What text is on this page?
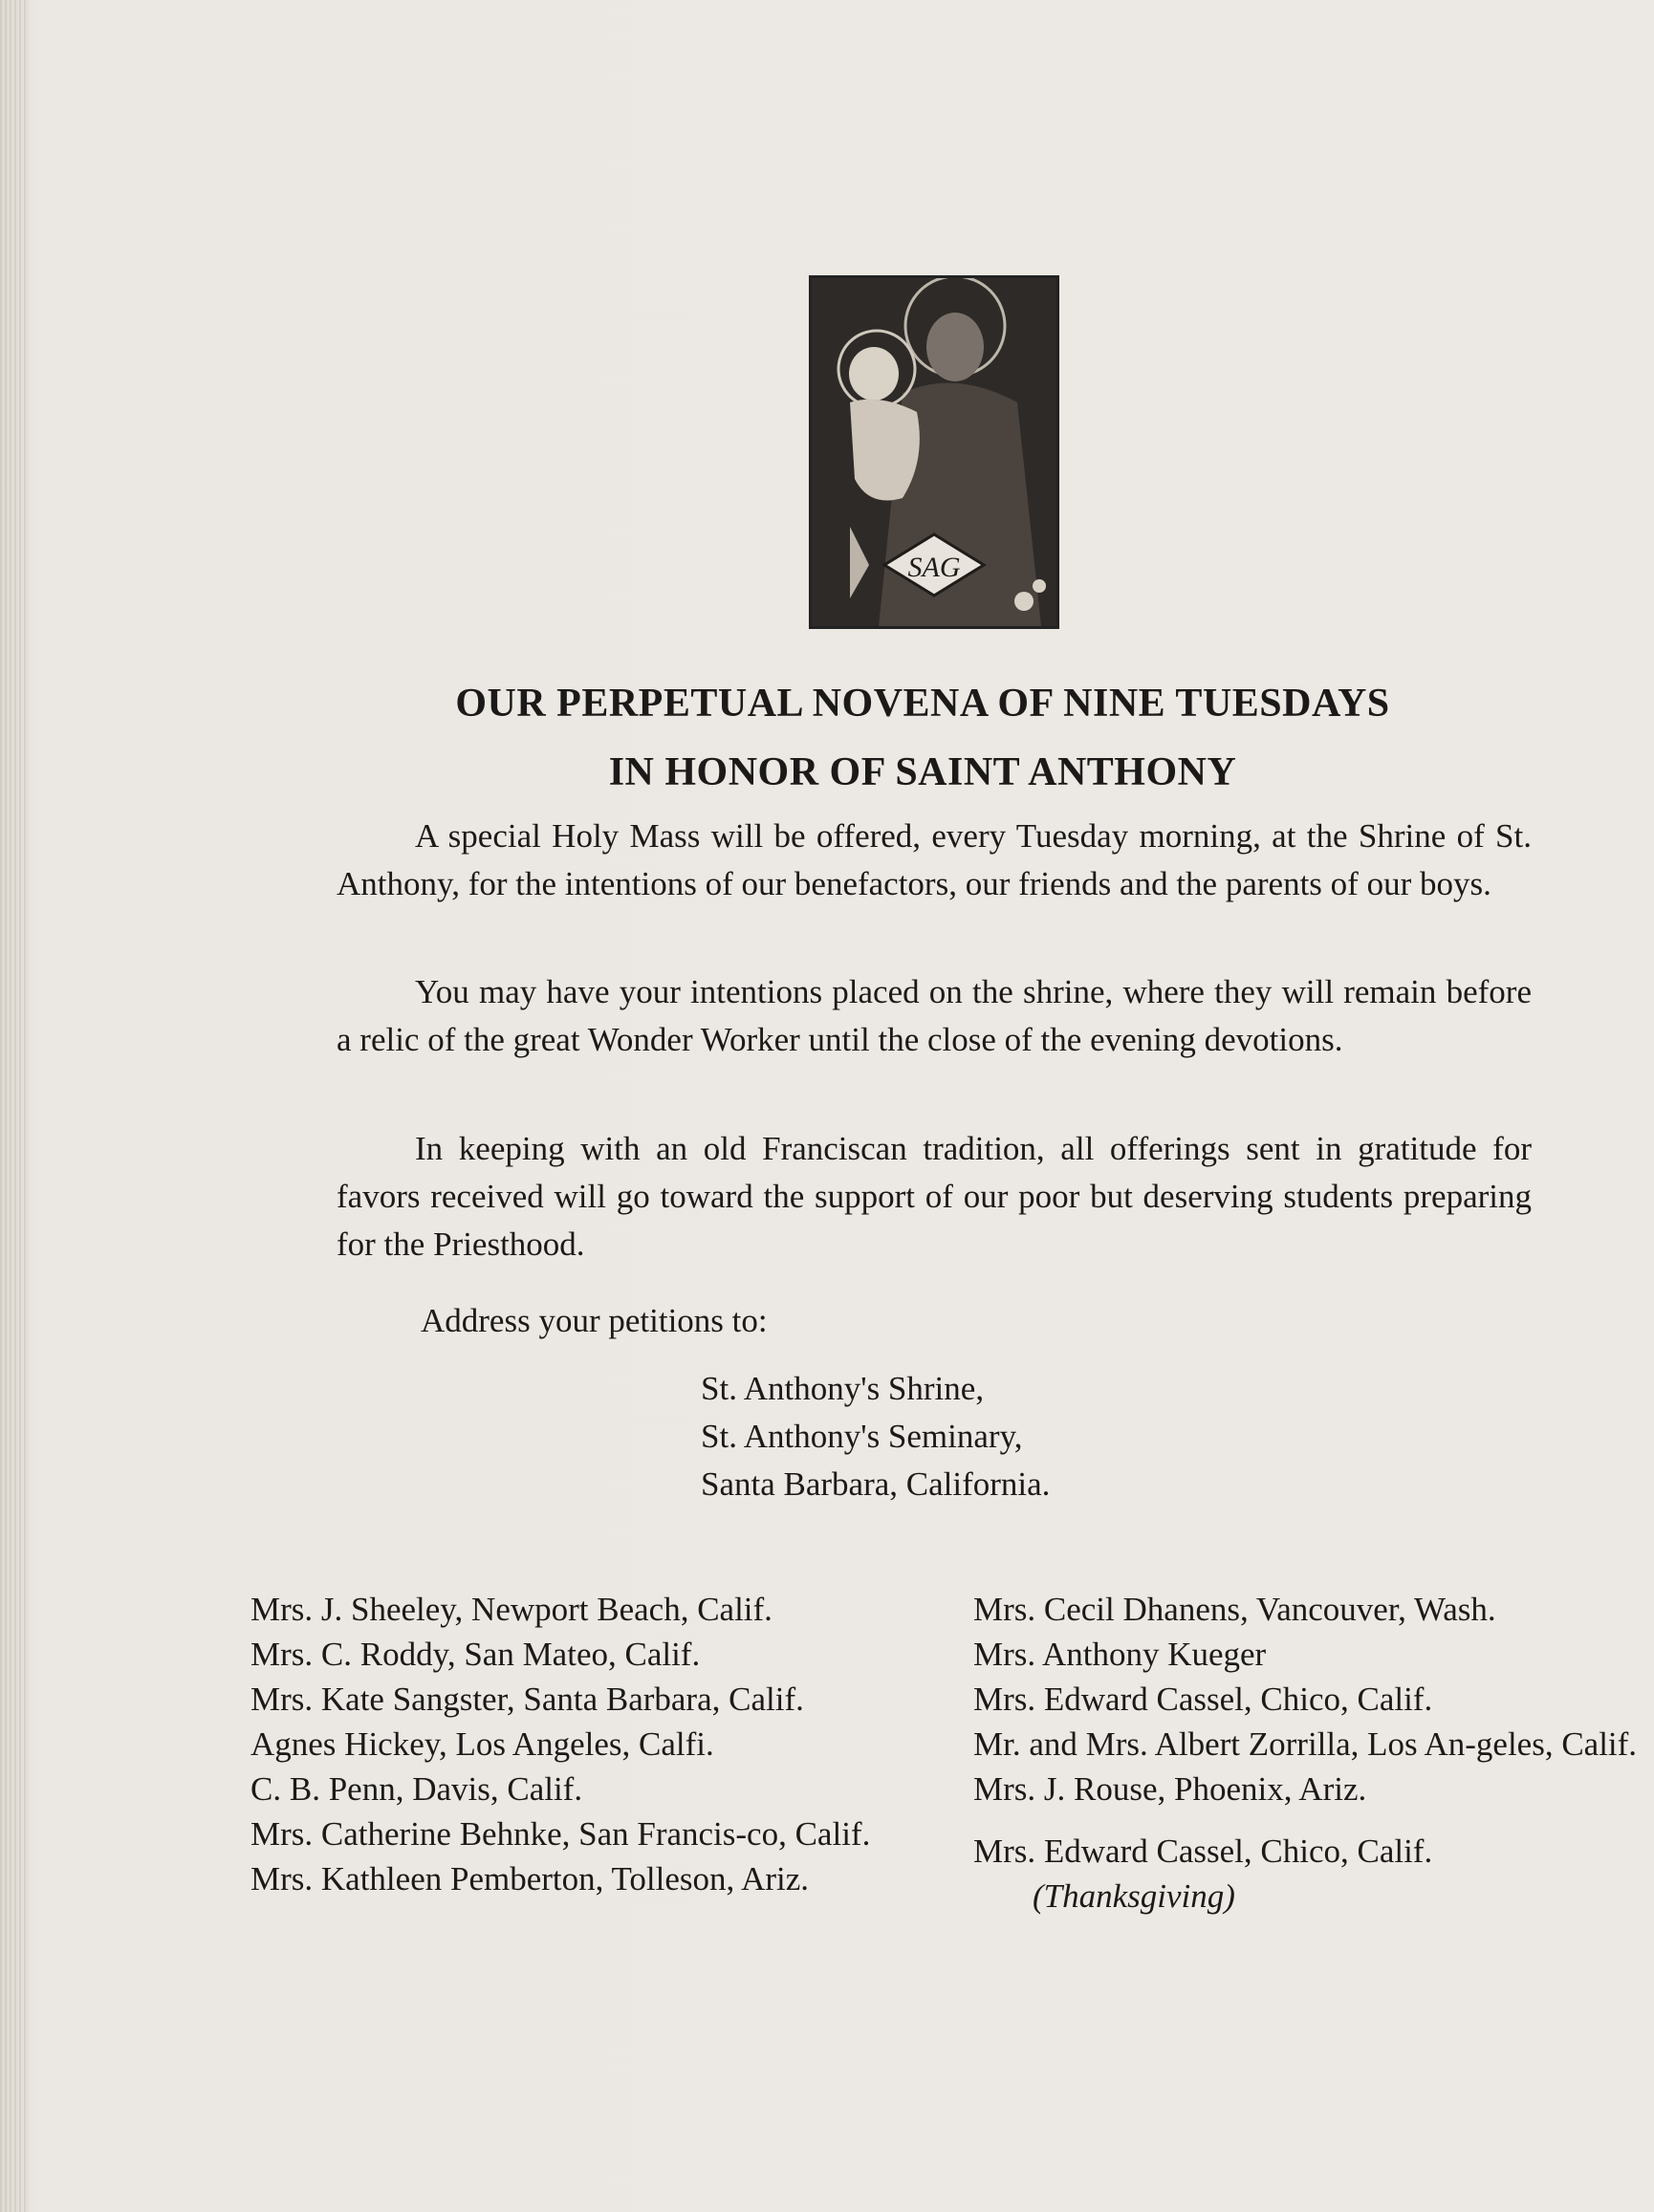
SAG
OUR PERPETUAL NOVENA OF NINE TUESDAYS
IN HONOR OF SAINT ANTHONY

A special Holy Mass will be offered, every Tuesday morning, at the Shrine of St. Anthony, for the intentions of our benefactors, our friends and the parents of our boys.

You may have your intentions placed on the shrine, where they will remain before a relic of the great Wonder Worker until the close of the evening devotions.

In keeping with an old Franciscan tradition, all offerings sent in gratitude for favors received will go toward the support of our poor but deserving students preparing for the Priesthood.

Address your petitions to:
St. Anthony's Shrine,
St. Anthony's Seminary,
Santa Barbara, California.
Mrs. J. Sheeley, Newport Beach, Calif.
Mrs. C. Roddy, San Mateo, Calif.
Mrs. Kate Sangster, Santa Barbara, Calif.
Agnes Hickey, Los Angeles, Calfi.
C. B. Penn, Davis, Calif.
Mrs. Catherine Behnke, San Francis-co, Calif.
Mrs. Kathleen Pemberton, Tolleson, Ariz.
Mrs. Cecil Dhanens, Vancouver, Wash.
Mrs. Anthony Kueger
Mrs. Edward Cassel, Chico, Calif.
Mr. and Mrs. Albert Zorrilla, Los An-geles, Calif.
Mrs. J. Rouse, Phoenix, Ariz.
Mrs. Edward Cassel, Chico, Calif.
(Thanksgiving)
